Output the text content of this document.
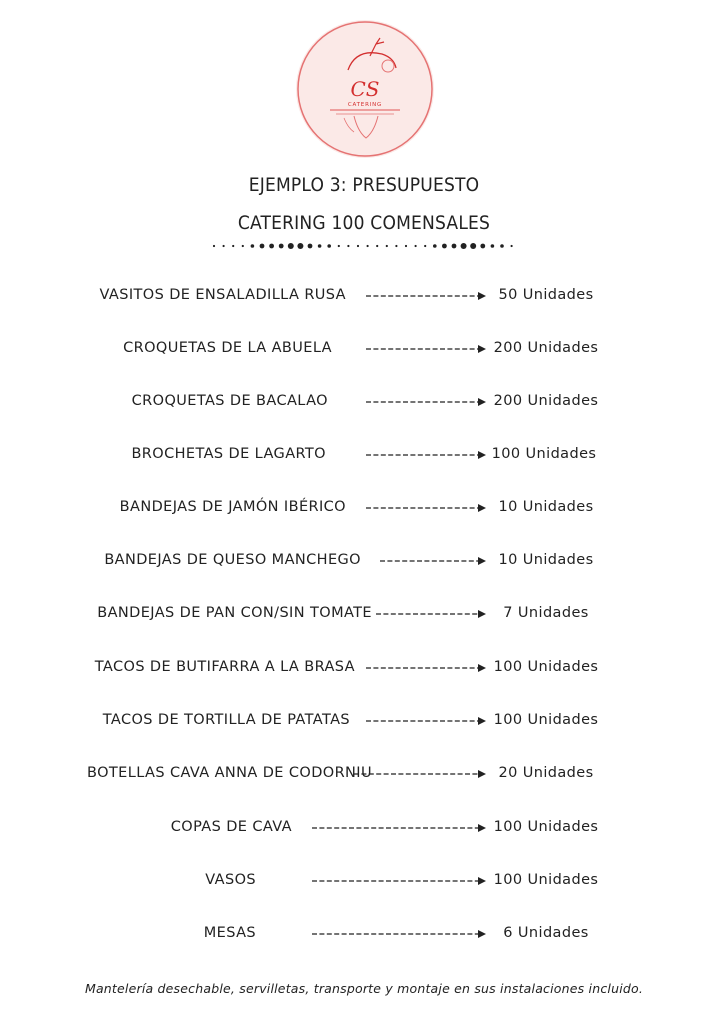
CS
CATERING
EJEMPLO 3: PRESUPUESTO
CATERING 100 COMENSALES
VASITOS DE ENSALADILLA RUSA	50 Unidades
CROQUETAS DE LA ABUELA	200 Unidades
CROQUETAS DE BACALAO	200 Unidades
BROCHETAS DE LAGARTO	100 Unidades
BANDEJAS DE JAMÓN IBÉRICO	10 Unidades
BANDEJAS DE QUESO MANCHEGO	10 Unidades
BANDEJAS DE PAN CON/SIN TOMATE	7 Unidades
TACOS DE BUTIFARRA A LA BRASA	100 Unidades
TACOS DE TORTILLA DE PATATAS	100 Unidades
BOTELLAS CAVA ANNA DE CODORNIU	20 Unidades
COPAS DE CAVA	100 Unidades
VASOS	100 Unidades
MESAS	6 Unidades
Mantelería desechable, servilletas, transporte y montaje en sus instalaciones incluido.
